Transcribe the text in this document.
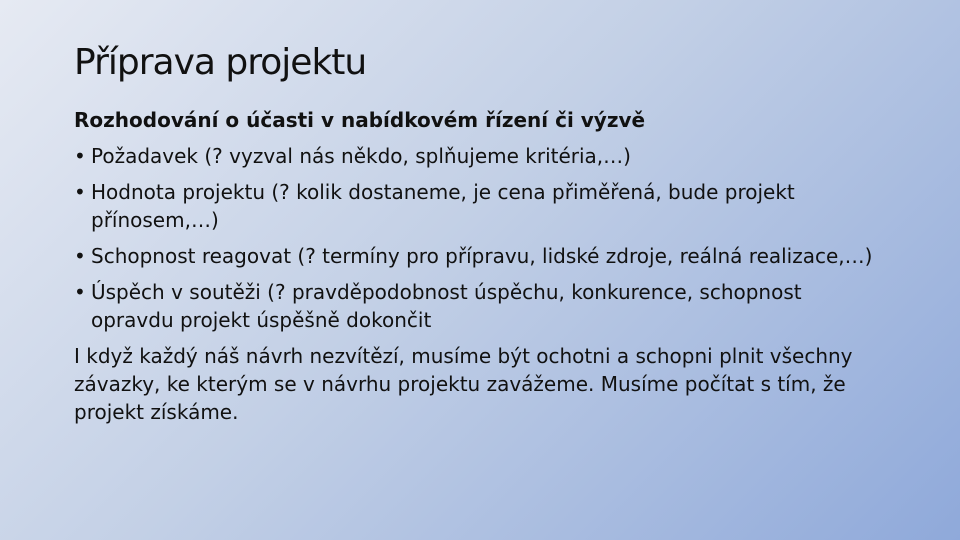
Příprava projektu

Rozhodování o účasti v nabídkovém řízení či výzvě

• Požadavek (? vyzval nás někdo, splňujeme kritéria,…)

• Hodnota projektu (? kolik dostaneme, je cena přiměřená, bude projekt přínosem,…)

• Schopnost reagovat (? termíny pro přípravu, lidské zdroje, reálná realizace,…)

• Úspěch v soutěži (? pravděpodobnost úspěchu, konkurence, schopnost opravdu projekt úspěšně dokončit

I když každý náš návrh nezvítězí, musíme být ochotni a schopni plnit všechny závazky, ke kterým se v návrhu projektu zavážeme. Musíme počítat s tím, že projekt získáme.
